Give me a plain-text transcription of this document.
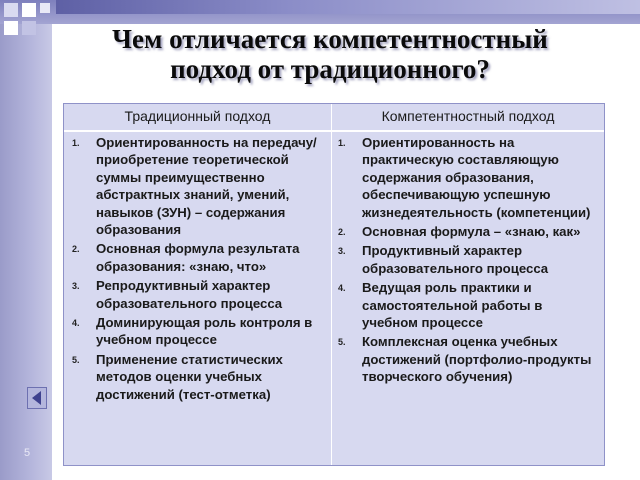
Чем отличается компетентностный
подход от традиционного?
Традиционный подход	Компетентностный подход
1. Ориентированность на передачу/приобретение теоретической суммы преимущественно абстрактных знаний, умений, навыков (ЗУН) – содержания образования
2. Основная формула результата образования: «знаю, что»
3. Репродуктивный характер образовательного процесса
4. Доминирующая роль контроля в учебном процессе
5. Применение статистических методов оценки учебных достижений (тест-отметка)
1. Ориентированность на практическую составляющую содержания образования, обеспечивающую успешную жизнедеятельность (компетенции)
2. Основная формула – «знаю, как»
3. Продуктивный характер образовательного процесса
4. Ведущая роль практики и самостоятельной работы в учебном процессе
5. Комплексная оценка учебных достижений (портфолио-продукты творческого обучения)
5
